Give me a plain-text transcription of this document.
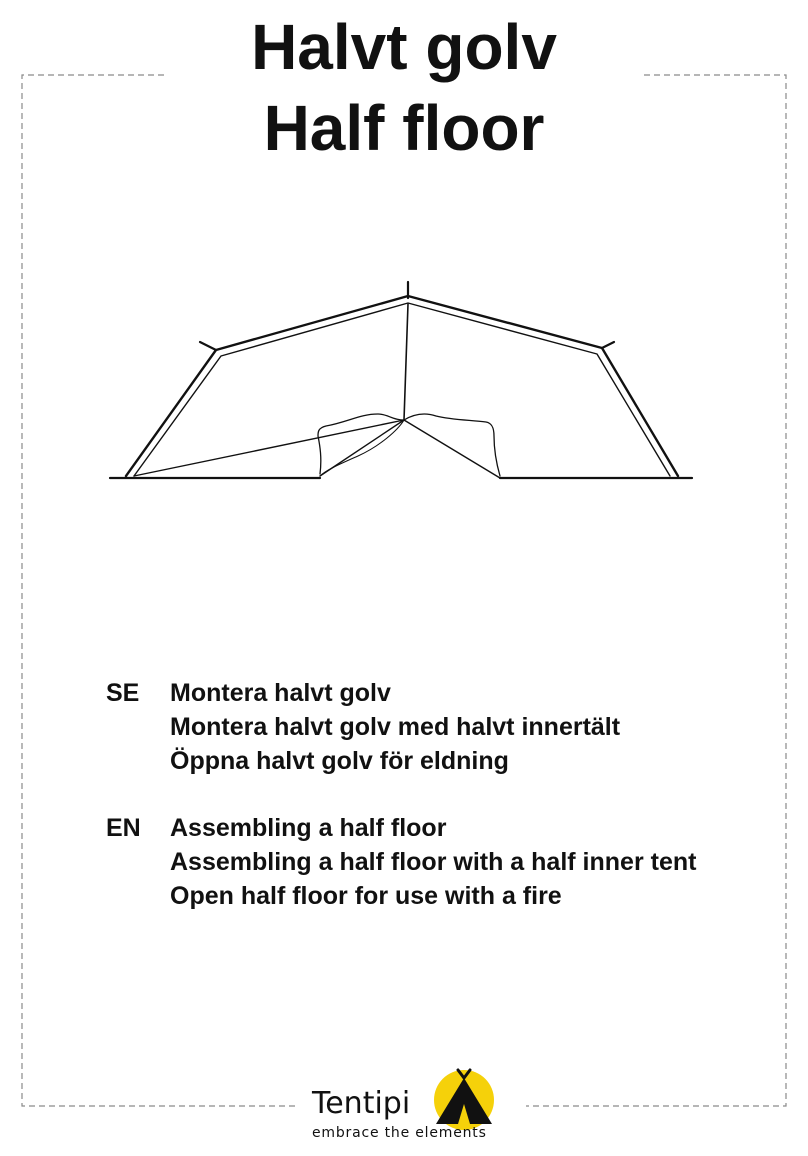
Halvt golv
Half floor
SE Montera halvt golv
Montera halvt golv med halvt innertält
Öppna halvt golv för eldning
EN Assembling a half floor
Assembling a half floor with a half inner tent
Open half floor for use with a fire
Tentipi
embrace the elements
